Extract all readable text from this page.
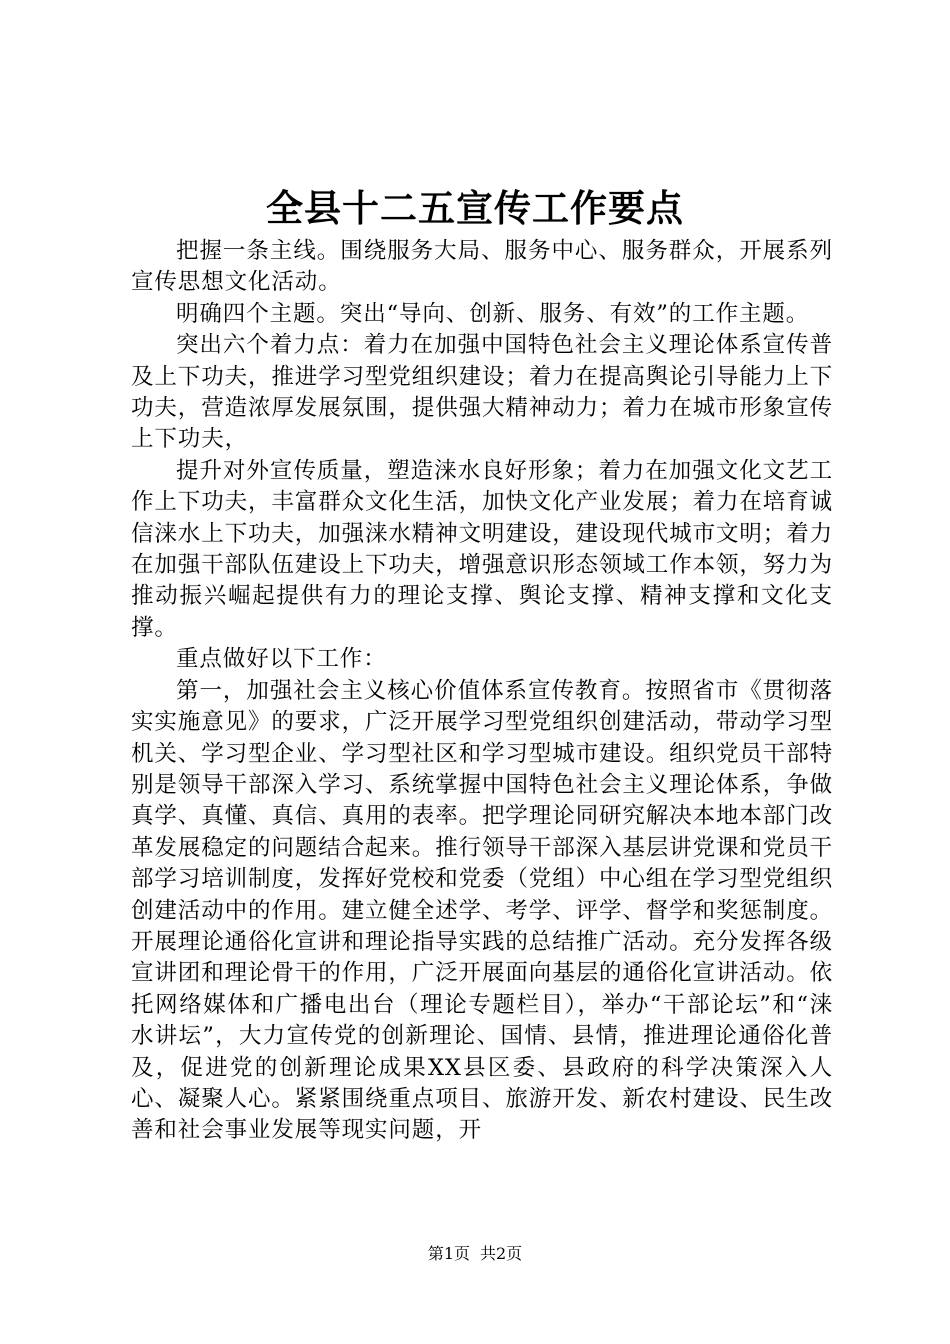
全县十二五宣传工作要点

把握一条主线。围绕服务大局、服务中心、服务群众，开展系列宣传思想文化活动。

明确四个主题。突出“导向、创新、服务、有效”的工作主题。

突出六个着力点：着力在加强中国特色社会主义理论体系宣传普及上下功夫，推进学习型党组织建设；着力在提高舆论引导能力上下功夫，营造浓厚发展氛围，提供强大精神动力；着力在城市形象宣传上下功夫，

提升对外宣传质量，塑造涞水良好形象；着力在加强文化文艺工作上下功夫，丰富群众文化生活，加快文化产业发展；着力在培育诚信涞水上下功夫，加强涞水精神文明建设，建设现代城市文明；着力在加强干部队伍建设上下功夫，增强意识形态领域工作本领，努力为推动振兴崛起提供有力的理论支撑、舆论支撑、精神支撑和文化支撑。

重点做好以下工作：

第一，加强社会主义核心价值体系宣传教育。按照省市《贯彻落实实施意见》的要求，广泛开展学习型党组织创建活动，带动学习型机关、学习型企业、学习型社区和学习型城市建设。组织党员干部特别是领导干部深入学习、系统掌握中国特色社会主义理论体系，争做真学、真懂、真信、真用的表率。把学理论同研究解决本地本部门改革发展稳定的问题结合起来。推行领导干部深入基层讲党课和党员干部学习培训制度，发挥好党校和党委（党组）中心组在学习型党组织创建活动中的作用。建立健全述学、考学、评学、督学和奖惩制度。开展理论通俗化宣讲和理论指导实践的总结推广活动。充分发挥各级宣讲团和理论骨干的作用，广泛开展面向基层的通俗化宣讲活动。依托网络媒体和广播电出台（理论专题栏目），举办“干部论坛”和“涞水讲坛”，大力宣传党的创新理论、国情、县情，推进理论通俗化普及，促进党的创新理论成果XX县区委、县政府的科学决策深入人心、凝聚人心。紧紧围绕重点项目、旅游开发、新农村建设、民生改善和社会事业发展等现实问题，开

第1页 共2页
